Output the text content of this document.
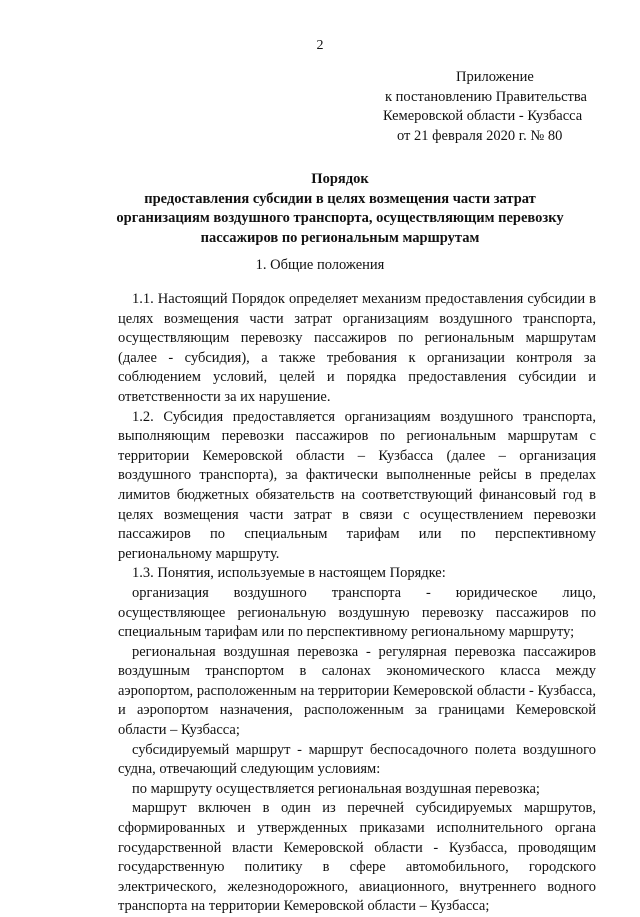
2
Приложение
к постановлению Правительства
Кемеровской области - Кузбасса
от 21 февраля 2020 г. № 80
Порядок
предоставления субсидии в целях возмещения части затрат
организациям воздушного транспорта, осуществляющим перевозку
пассажиров по региональным маршрутам
1. Общие положения

1.1. Настоящий Порядок определяет механизм предоставления субсидии в целях возмещения части затрат организациям воздушного транспорта, осуществляющим перевозку пассажиров по региональным маршрутам (далее - субсидия), а также требования к организации контроля за соблюдением условий, целей и порядка предоставления субсидии и ответственности за их нарушение.

1.2. Субсидия предоставляется организациям воздушного транспорта, выполняющим перевозки пассажиров по региональным маршрутам с территории Кемеровской области – Кузбасса (далее – организация воздушного транспорта), за фактически выполненные рейсы в пределах лимитов бюджетных обязательств на соответствующий финансовый год в целях возмещения части затрат в связи с осуществлением перевозки пассажиров по специальным тарифам или по перспективному региональному маршруту.

1.3. Понятия, используемые в настоящем Порядке:

организация воздушного транспорта - юридическое лицо, осуществляющее региональную воздушную перевозку пассажиров по специальным тарифам или по перспективному региональному маршруту;

региональная воздушная перевозка - регулярная перевозка пассажиров воздушным транспортом в салонах экономического класса между аэропортом, расположенным на территории Кемеровской области - Кузбасса, и аэропортом назначения, расположенным за границами Кемеровской области – Кузбасса;

субсидируемый маршрут - маршрут беспосадочного полета воздушного судна, отвечающий следующим условиям:

по маршруту осуществляется региональная воздушная перевозка;

маршрут включен в один из перечней субсидируемых маршрутов, сформированных и утвержденных приказами исполнительного органа государственной власти Кемеровской области - Кузбасса, проводящим государственную политику в сфере автомобильного, городского электрического, железнодорожного, авиационного, внутреннего водного транспорта на территории Кемеровской области – Кузбасса;
